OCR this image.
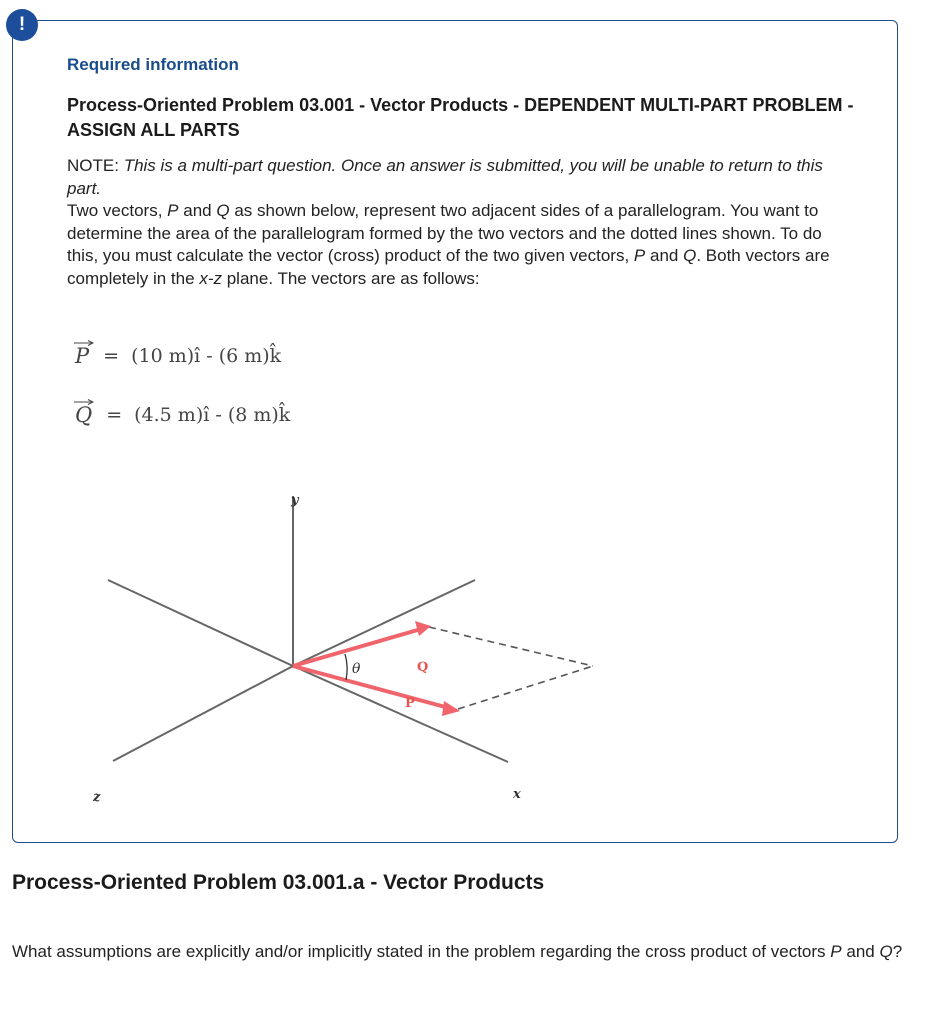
!
Required information
Process-Oriented Problem 03.001 - Vector Products - DEPENDENT MULTI-PART PROBLEM - ASSIGN ALL PARTS
NOTE: This is a multi-part question. Once an answer is submitted, you will be unable to return to this part.
Two vectors, P and Q as shown below, represent two adjacent sides of a parallelogram. You want to determine the area of the parallelogram formed by the two vectors and the dotted lines shown. To do this, you must calculate the vector (cross) product of the two given vectors, P and Q. Both vectors are completely in the x-z plane. The vectors are as follows:
⃗ P = (10 m)î - (6 m)k̂
⃗ Q = (4.5 m)î - (8 m)k̂
y
z	x
Q
P
θ
Process-Oriented Problem 03.001.a - Vector Products
What assumptions are explicitly and/or implicitly stated in the problem regarding the cross product of vectors P and Q?
